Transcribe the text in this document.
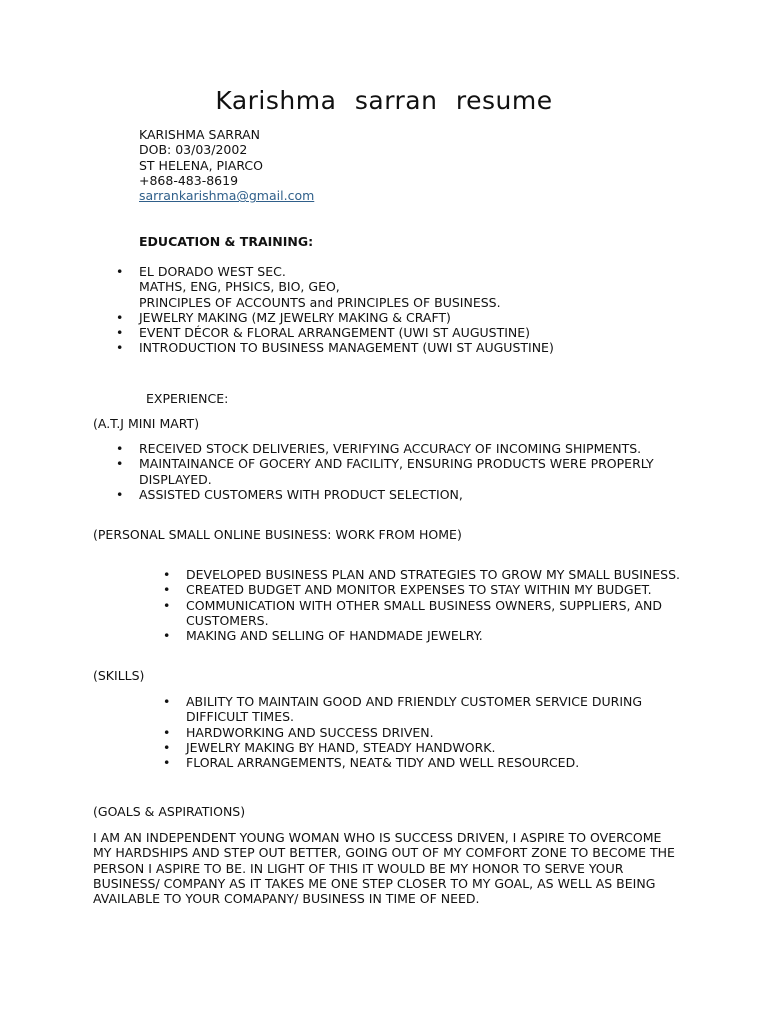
Karishma sarran resume
KARISHMA SARRAN
DOB: 03/03/2002
ST HELENA, PIARCO
+868-483-8619
sarrankarishma@gmail.com
EDUCATION & TRAINING:
• EL DORADO WEST SEC.
MATHS, ENG, PHSICS, BIO, GEO,
PRINCIPLES OF ACCOUNTS and PRINCIPLES OF BUSINESS.
• JEWELRY MAKING (MZ JEWELRY MAKING & CRAFT)
• EVENT DÉCOR & FLORAL ARRANGEMENT (UWI ST AUGUSTINE)
• INTRODUCTION TO BUSINESS MANAGEMENT (UWI ST AUGUSTINE)
EXPERIENCE:
(A.T.J MINI MART)
• RECEIVED STOCK DELIVERIES, VERIFYING ACCURACY OF INCOMING SHIPMENTS.
• MAINTAINANCE OF GOCERY AND FACILITY, ENSURING PRODUCTS WERE PROPERLY DISPLAYED.
• ASSISTED CUSTOMERS WITH PRODUCT SELECTION,
(PERSONAL SMALL ONLINE BUSINESS: WORK FROM HOME)
• DEVELOPED BUSINESS PLAN AND STRATEGIES TO GROW MY SMALL BUSINESS.
• CREATED BUDGET AND MONITOR EXPENSES TO STAY WITHIN MY BUDGET.
• COMMUNICATION WITH OTHER SMALL BUSINESS OWNERS, SUPPLIERS, AND CUSTOMERS.
• MAKING AND SELLING OF HANDMADE JEWELRY.
(SKILLS)
• ABILITY TO MAINTAIN GOOD AND FRIENDLY CUSTOMER SERVICE DURING DIFFICULT TIMES.
• HARDWORKING AND SUCCESS DRIVEN.
• JEWELRY MAKING BY HAND, STEADY HANDWORK.
• FLORAL ARRANGEMENTS, NEAT& TIDY AND WELL RESOURCED.
(GOALS & ASPIRATIONS)
I AM AN INDEPENDENT YOUNG WOMAN WHO IS SUCCESS DRIVEN, I ASPIRE TO OVERCOME MY HARDSHIPS AND STEP OUT BETTER, GOING OUT OF MY COMFORT ZONE TO BECOME THE PERSON I ASPIRE TO BE. IN LIGHT OF THIS IT WOULD BE MY HONOR TO SERVE YOUR BUSINESS/ COMPANY AS IT TAKES ME ONE STEP CLOSER TO MY GOAL, AS WELL AS BEING AVAILABLE TO YOUR COMAPANY/ BUSINESS IN TIME OF NEED.
